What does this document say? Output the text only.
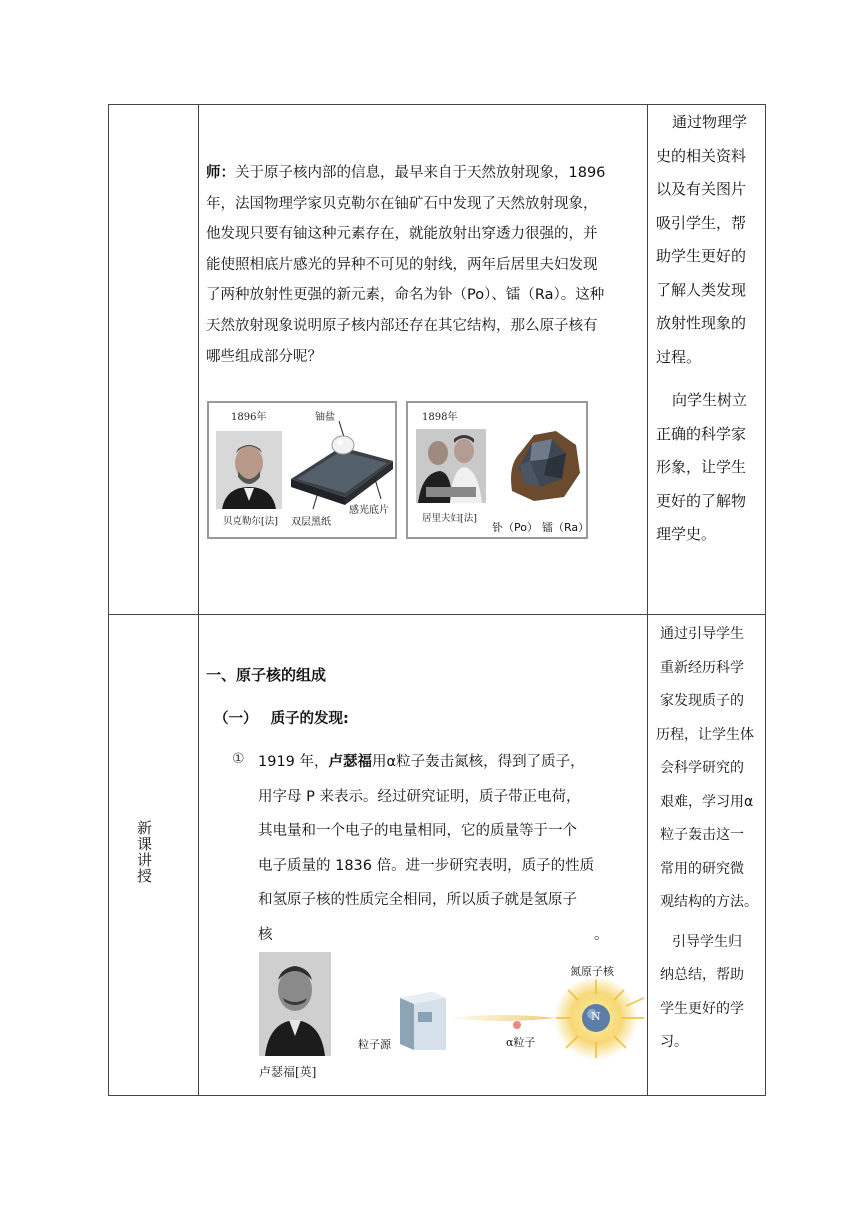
师：关于原子核内部的信息，最早来自于天然放射现象，1896
年，法国物理学家贝克勒尔在铀矿石中发现了天然放射现象，
他发现只要有铀这种元素存在，就能放射出穿透力很强的，并
能使照相底片感光的异种不可见的射线，两年后居里夫妇发现
了两种放射性更强的新元素，命名为钋（Po）、镭（Ra）。这种
天然放射现象说明原子核内部还存在其它结构，那么原子核有
哪些组成部分呢？
1896年
贝克勒尔[法]
铀盐
感光底片
双层黑纸
1898年
居里夫妇[法]
钋（Po） 镭（Ra）
通过物理学
史的相关资料
以及有关图片
吸引学生，帮
助学生更好的
了解人类发现
放射性现象的
过程。
向学生树立
正确的科学家
形象，让学生
更好的了解物
理学史。
新课讲授
一、原子核的组成
（一） 质子的发现:
① 1919 年，卢瑟福用α粒子轰击氮核，得到了质子，
用字母 P 来表示。经过研究证明，质子带正电荷，
其电量和一个电子的电量相同，它的质量等于一个
电子质量的 1836 倍。进一步研究表明，质子的性质
和氢原子核的性质完全相同，所以质子就是氢原子
核	。
卢瑟福[英]
粒子源	α粒子
氮原子核
N
通过引导学生
重新经历科学
家发现质子的
历程，让学生体
会科学研究的
艰难，学习用α
粒子轰击这一
常用的研究微
观结构的方法。
引导学生归
纳总结，帮助
学生更好的学
习。
